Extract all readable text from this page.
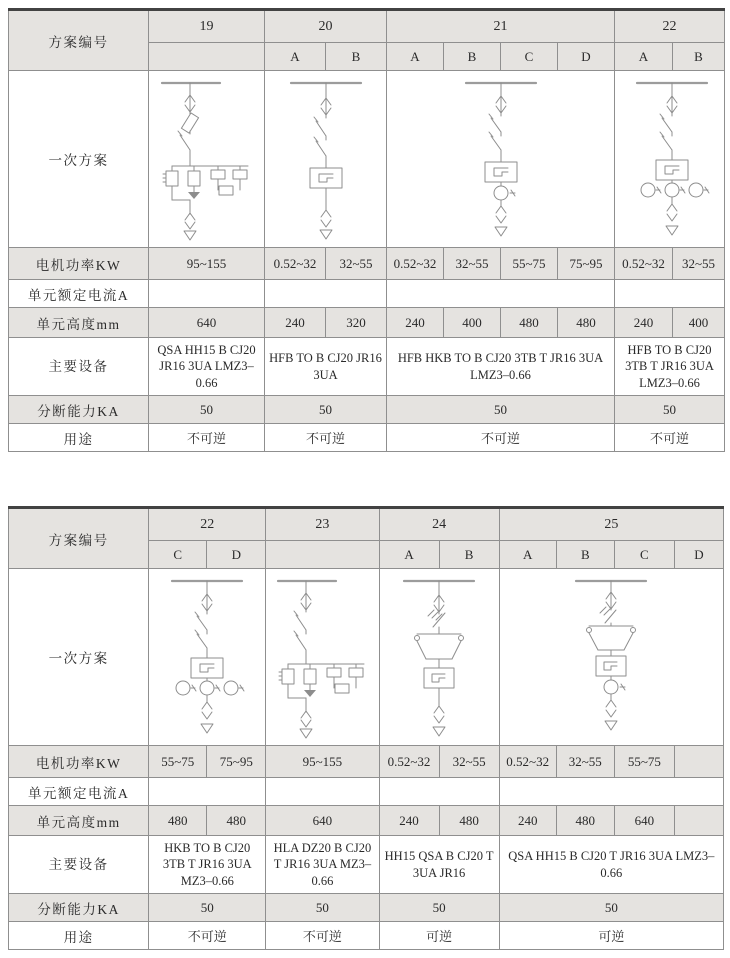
方案编号	19	20		21				22	
		A	B	A	B	C	D	A	B
一次方案				
电机功率KW	95~155	0.52~32	32~55	0.52~32	32~55	55~75	75~95	0.52~32	32~55
单元额定电流A									
单元高度mm	640	240	320	240	400	480	480	240	400
主要设备	QSA HH15 B CJ20 JR16 3UA LMZ3–0.66	HFB TO B CJ20 JR16 3UA		HFB HKB TO B CJ20 3TB T JR16 3UA LMZ3–0.66				HFB TO B CJ20 3TB T JR16 3UA LMZ3–0.66	
分断能力KA	50	50		50				50	
用途	不可逆	不可逆		不可逆				不可逆	
方案编号	22		23	24		25			
	C	D		A	B	A	B	C	D
一次方案				
电机功率KW	55~75	75~95	95~155	0.52~32	32~55	0.52~32	32~55	55~75	
单元额定电流A									
单元高度mm	480	480	640	240	480	240	480	640	
主要设备	HKB TO B CJ20 3TB T JR16 3UA MZ3–0.66		HLA DZ20 B CJ20 T JR16 3UA MZ3–0.66	HH15 QSA B CJ20 T 3UA JR16		QSA HH15 B CJ20 T JR16 3UA LMZ3–0.66			
分断能力KA	50		50	50		50			
用途	不可逆		不可逆	可逆		可逆			
